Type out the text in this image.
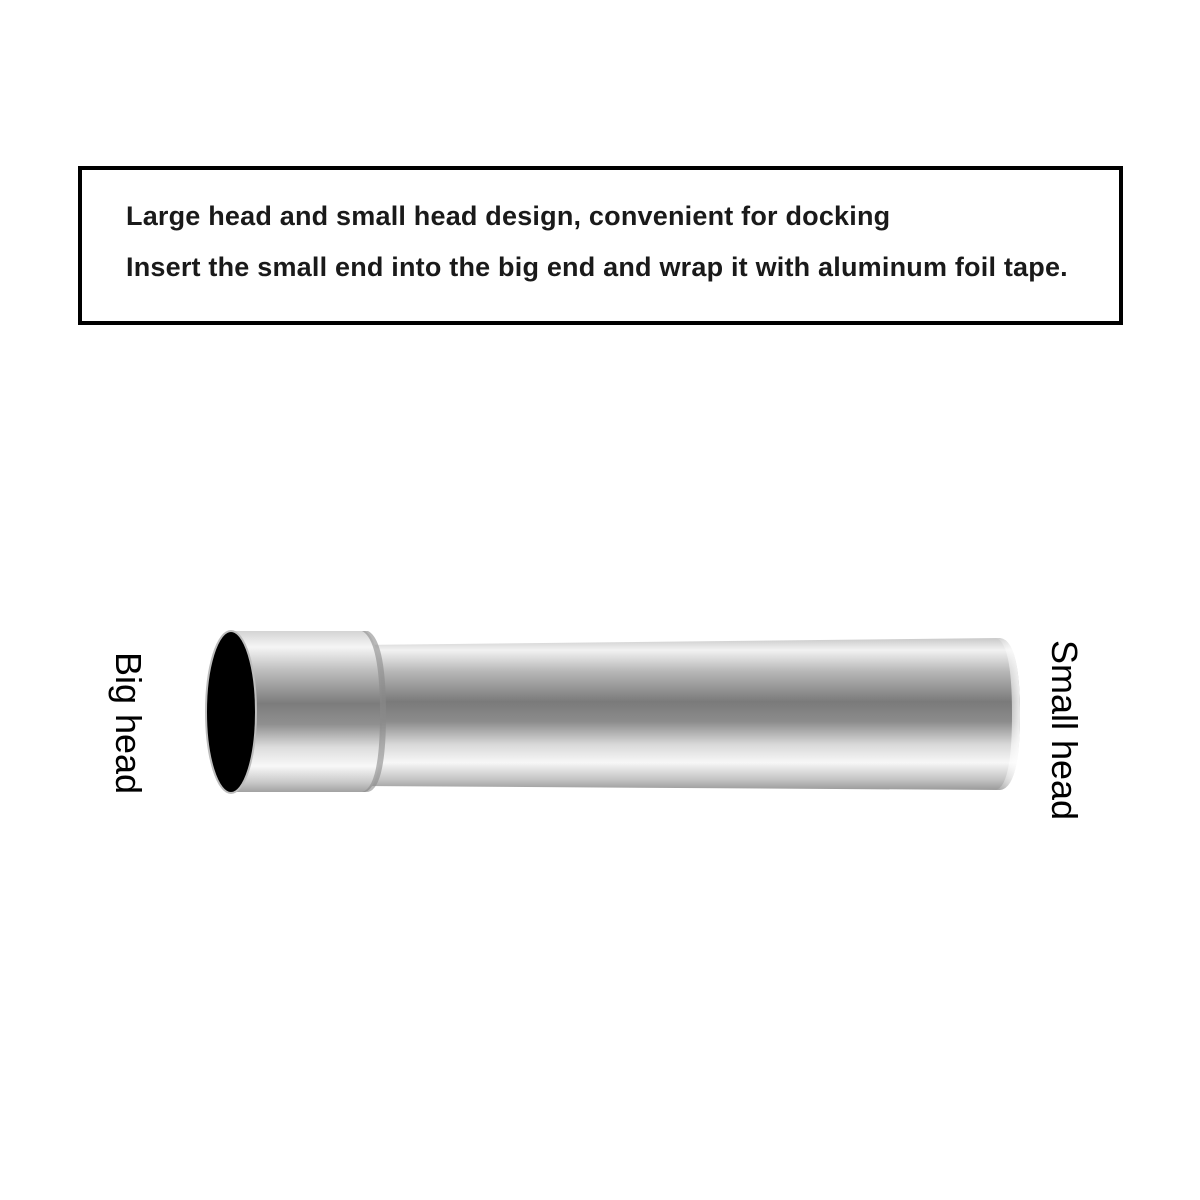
Large head and small head design, convenient for docking

Insert the small end into the big end and wrap it with aluminum foil tape.

Big head	Small head
